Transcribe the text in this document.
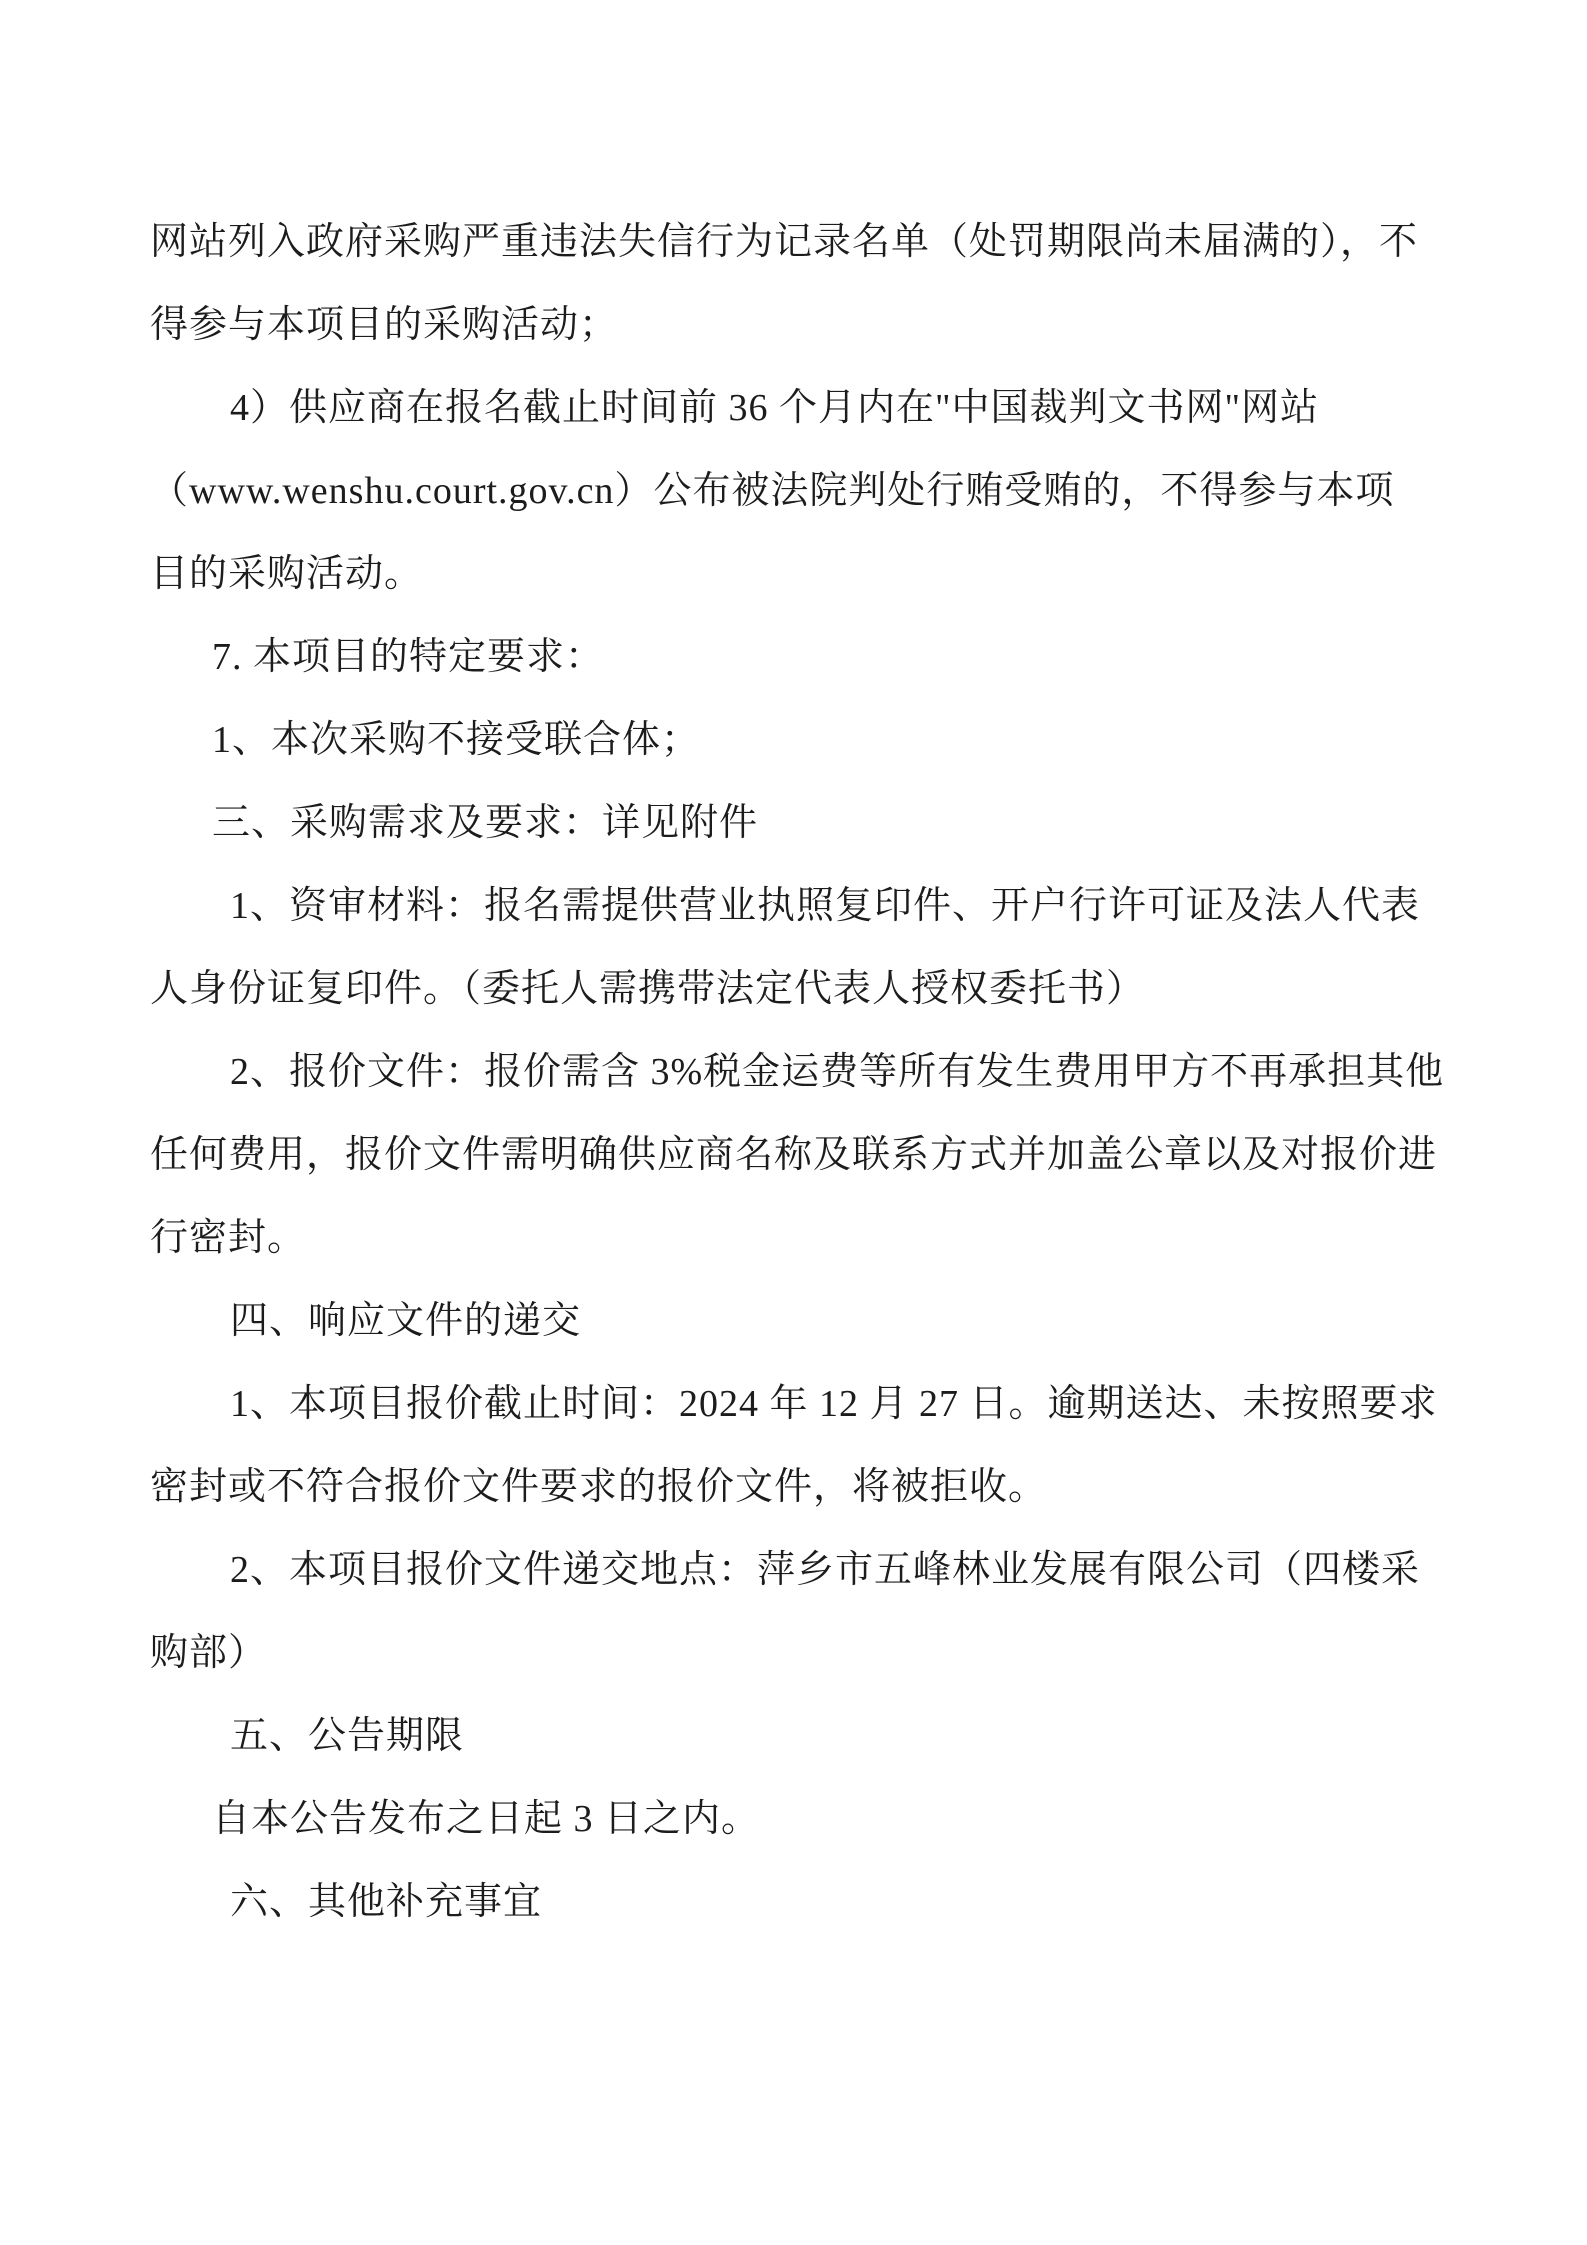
网站列入政府采购严重违法失信行为记录名单（处罚期限尚未届满的），不
得参与本项目的采购活动；
4）供应商在报名截止时间前 36 个月内在"中国裁判文书网"网站
（www.wenshu.court.gov.cn）公布被法院判处行贿受贿的，不得参与本项
目的采购活动。
7. 本项目的特定要求：
1、本次采购不接受联合体；
三、采购需求及要求：详见附件
1、资审材料：报名需提供营业执照复印件、开户行许可证及法人代表
人身份证复印件。（委托人需携带法定代表人授权委托书）
2、报价文件：报价需含 3%税金运费等所有发生费用甲方不再承担其他
任何费用，报价文件需明确供应商名称及联系方式并加盖公章以及对报价进
行密封。
四、响应文件的递交
1、本项目报价截止时间：2024 年 12 月 27 日。逾期送达、未按照要求
密封或不符合报价文件要求的报价文件，将被拒收。
2、本项目报价文件递交地点：萍乡市五峰林业发展有限公司（四楼采
购部）
五、公告期限
自本公告发布之日起 3 日之内。
六、其他补充事宜
